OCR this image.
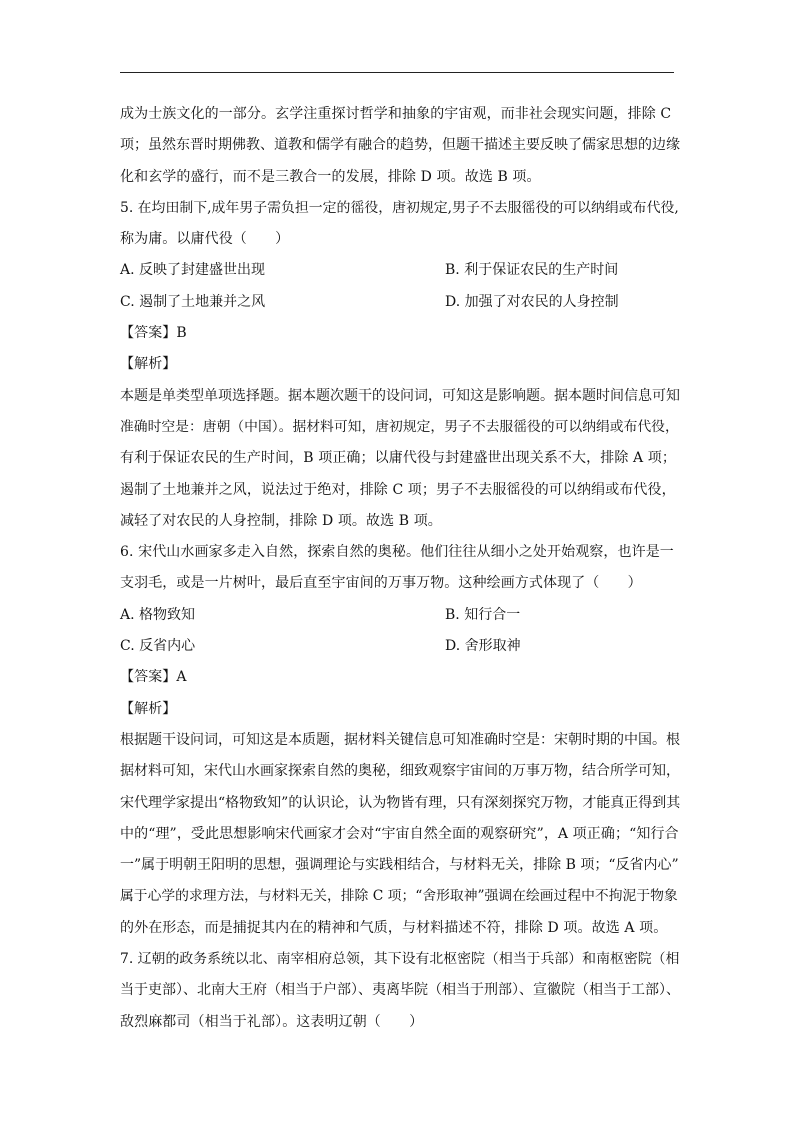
成为士族文化的一部分。玄学注重探讨哲学和抽象的宇宙观，而非社会现实问题，排除 C
项；虽然东晋时期佛教、道教和儒学有融合的趋势，但题干描述主要反映了儒家思想的边缘
化和玄学的盛行，而不是三教合一的发展，排除 D 项。故选 B 项。
5. 在均田制下,成年男子需负担一定的徭役，唐初规定,男子不去服徭役的可以纳绢或布代役,
称为庸。以庸代役（　　）
A. 反映了封建盛世出现	B. 利于保证农民的生产时间
C. 遏制了土地兼并之风	D. 加强了对农民的人身控制
【答案】B
【解析】
本题是单类型单项选择题。据本题次题干的设问词，可知这是影响题。据本题时间信息可知
准确时空是：唐朝（中国）。据材料可知，唐初规定，男子不去服徭役的可以纳绢或布代役，
有利于保证农民的生产时间，B 项正确；以庸代役与封建盛世出现关系不大，排除 A 项；
遏制了土地兼并之风，说法过于绝对，排除 C 项；男子不去服徭役的可以纳绢或布代役，
减轻了对农民的人身控制，排除 D 项。故选 B 项。
6. 宋代山水画家多走入自然，探索自然的奥秘。他们往往从细小之处开始观察，也许是一
支羽毛，或是一片树叶，最后直至宇宙间的万事万物。这种绘画方式体现了（　　）
A. 格物致知	B. 知行合一
C. 反省内心	D. 舍形取神
【答案】A
【解析】
根据题干设问词，可知这是本质题，据材料关键信息可知准确时空是：宋朝时期的中国。根
据材料可知，宋代山水画家探索自然的奥秘，细致观察宇宙间的万事万物，结合所学可知，
宋代理学家提出“格物致知”的认识论，认为物皆有理，只有深刻探究万物，才能真正得到其
中的“理”，受此思想影响宋代画家才会对“宇宙自然全面的观察研究”，A 项正确；“知行合
一”属于明朝王阳明的思想，强调理论与实践相结合，与材料无关，排除 B 项；“反省内心”
属于心学的求理方法，与材料无关，排除 C 项；“舍形取神”强调在绘画过程中不拘泥于物象
的外在形态，而是捕捉其内在的精神和气质，与材料描述不符，排除 D 项。故选 A 项。
7. 辽朝的政务系统以北、南宰相府总领，其下设有北枢密院（相当于兵部）和南枢密院（相
当于吏部）、北南大王府（相当于户部）、夷离毕院（相当于刑部）、宣徽院（相当于工部）、
敌烈麻都司（相当于礼部）。这表明辽朝（　　）
